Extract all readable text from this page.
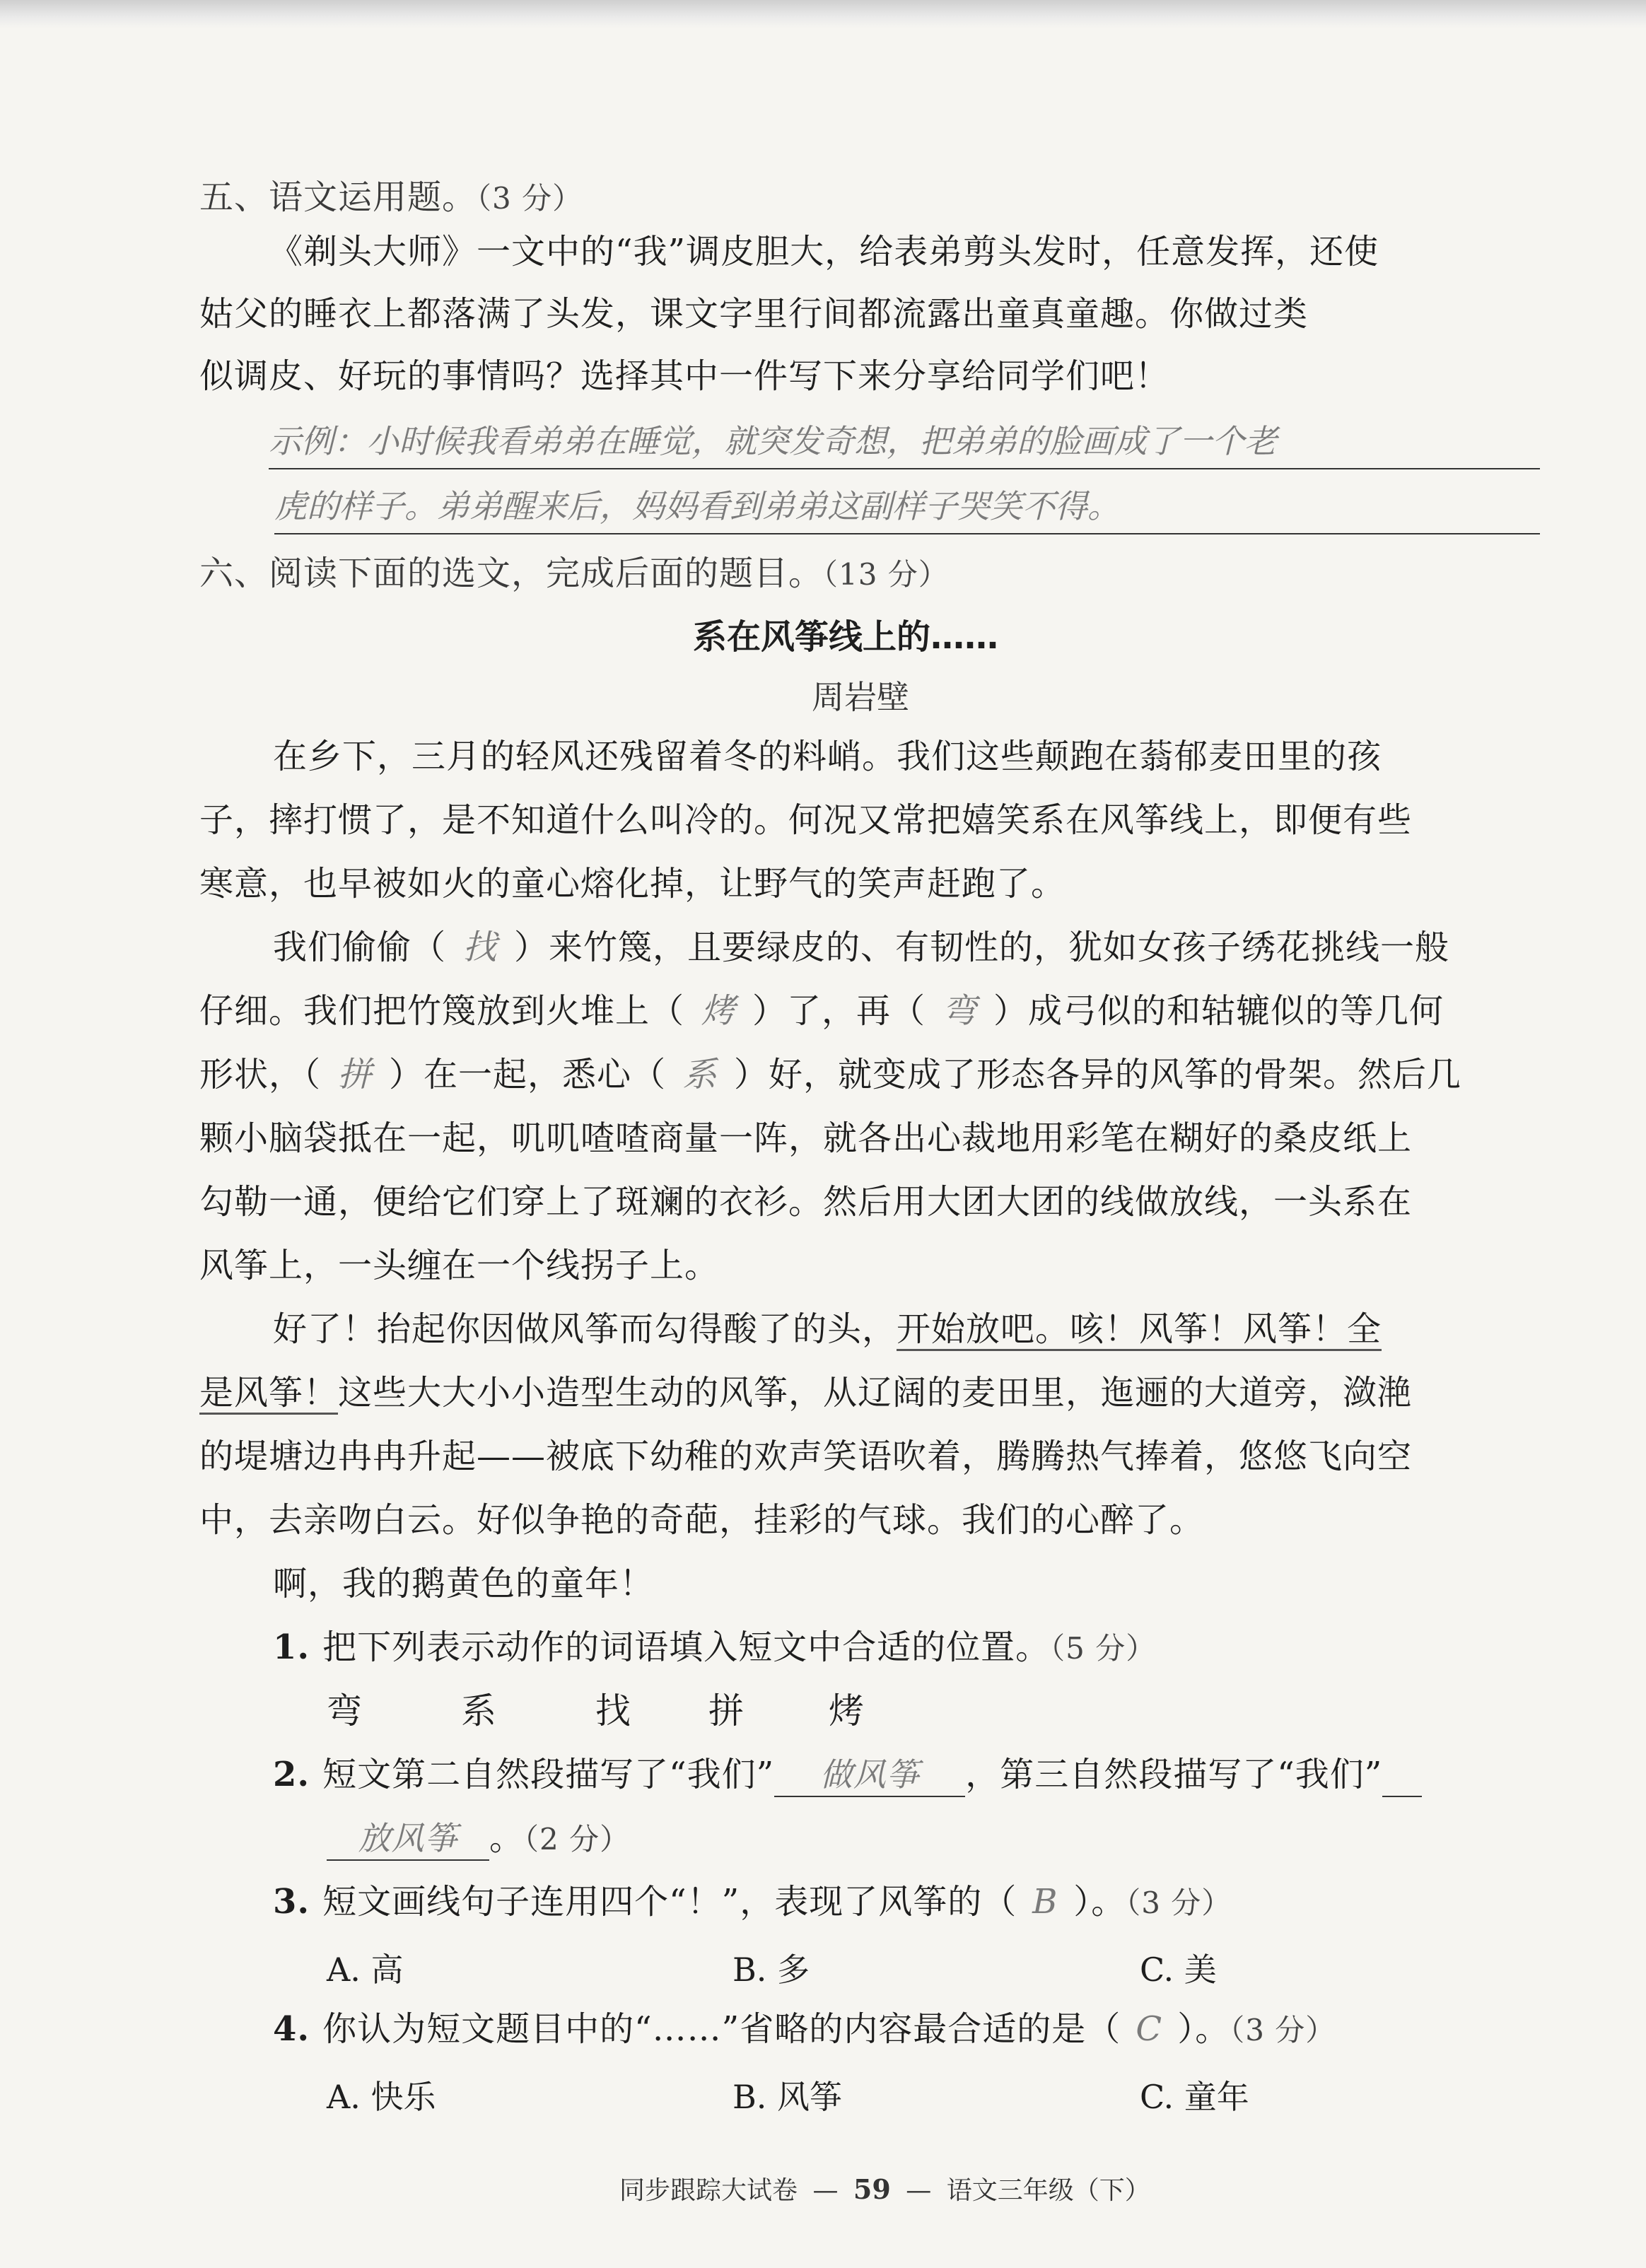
五、语文运用题。（3 分）
《剃头大师》一文中的“我”调皮胆大，给表弟剪头发时，任意发挥，还使
姑父的睡衣上都落满了头发，课文字里行间都流露出童真童趣。你做过类
似调皮、好玩的事情吗？选择其中一件写下来分享给同学们吧！
示例：小时候我看弟弟在睡觉，就突发奇想，把弟弟的脸画成了一个老
虎的样子。弟弟醒来后，妈妈看到弟弟这副样子哭笑不得。
六、阅读下面的选文，完成后面的题目。（13 分）
系在风筝线上的……
周岩壁
在乡下，三月的轻风还残留着冬的料峭。我们这些颠跑在蓊郁麦田里的孩
子，摔打惯了，是不知道什么叫冷的。何况又常把嬉笑系在风筝线上，即便有些
寒意，也早被如火的童心熔化掉，让野气的笑声赶跑了。
我们偷偷（ 找 ）来竹篾，且要绿皮的、有韧性的，犹如女孩子绣花挑线一般
仔细。我们把竹篾放到火堆上（ 烤 ）了，再（ 弯 ）成弓似的和轱辘似的等几何
形状，（ 拼 ）在一起，悉心（ 系 ）好，就变成了形态各异的风筝的骨架。然后几
颗小脑袋抵在一起，叽叽喳喳商量一阵，就各出心裁地用彩笔在糊好的桑皮纸上
勾勒一通，便给它们穿上了斑斓的衣衫。然后用大团大团的线做放线，一头系在
风筝上，一头缠在一个线拐子上。
好了！抬起你因做风筝而勾得酸了的头，开始放吧。咳！风筝！风筝！全
是风筝！这些大大小小造型生动的风筝，从辽阔的麦田里，迤逦的大道旁，潋滟
的堤塘边冉冉升起——被底下幼稚的欢声笑语吹着，腾腾热气捧着，悠悠飞向空
中，去亲吻白云。好似争艳的奇葩，挂彩的气球。我们的心醉了。
啊，我的鹅黄色的童年！
1. 把下列表示动作的词语填入短文中合适的位置。（5 分）
弯	系	找 拼 烤
2. 短文第二自然段描写了“我们” 做风筝 ，第三自然段描写了“我们”
放风筝 。（2 分）
3. 短文画线句子连用四个“！”，表现了风筝的（ B ）。（3 分）
A. 高	B. 多	C. 美
4. 你认为短文题目中的“……”省略的内容最合适的是（ C ）。（3 分）
A. 快乐	B. 风筝	C. 童年
同步跟踪大试卷 — 59 — 语文三年级（下）
